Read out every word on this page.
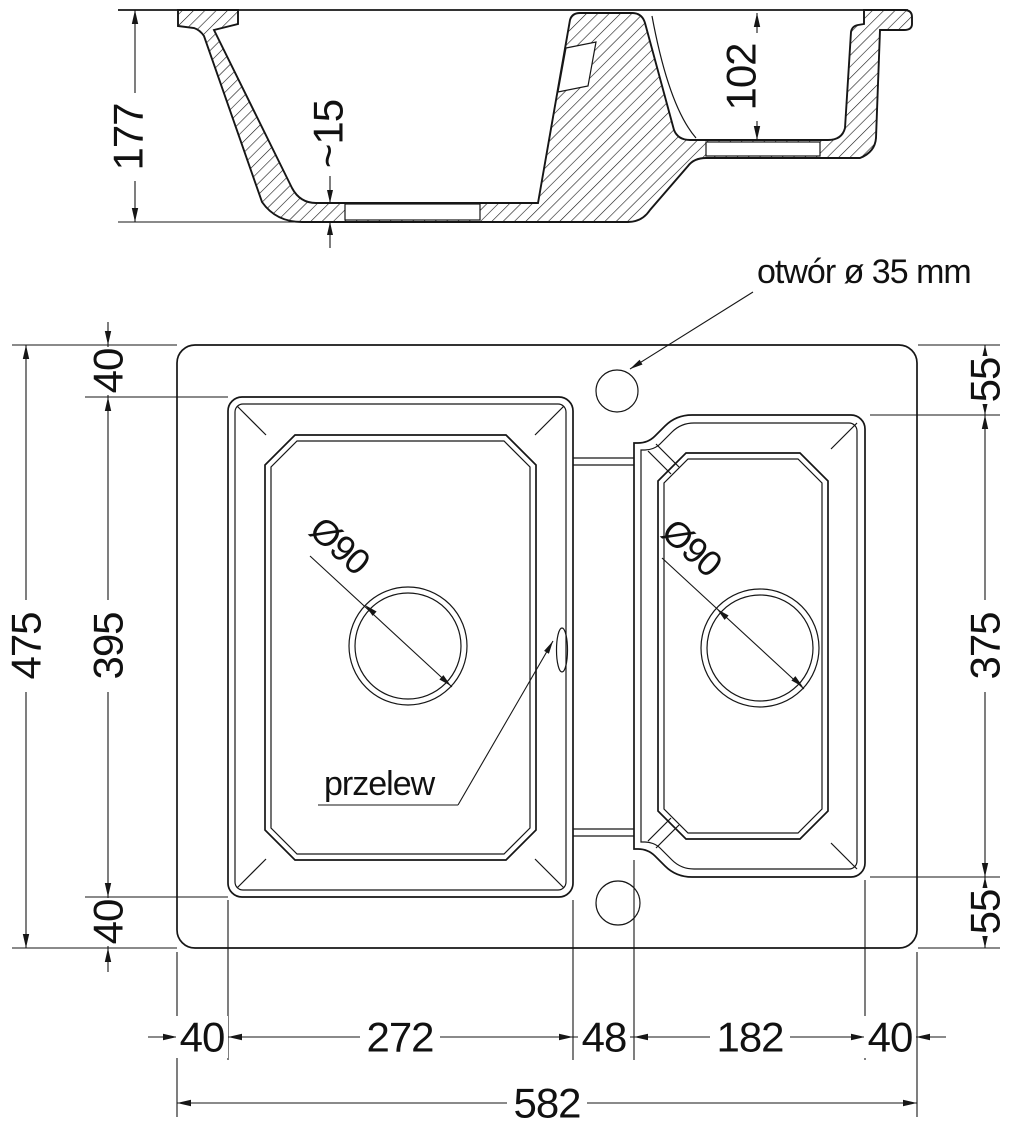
177	~15
102
Ø90	Ø90
otwór ø 35 mm
przelew
475
40
395
40
55
375
55
40	272	48 182 40
582
